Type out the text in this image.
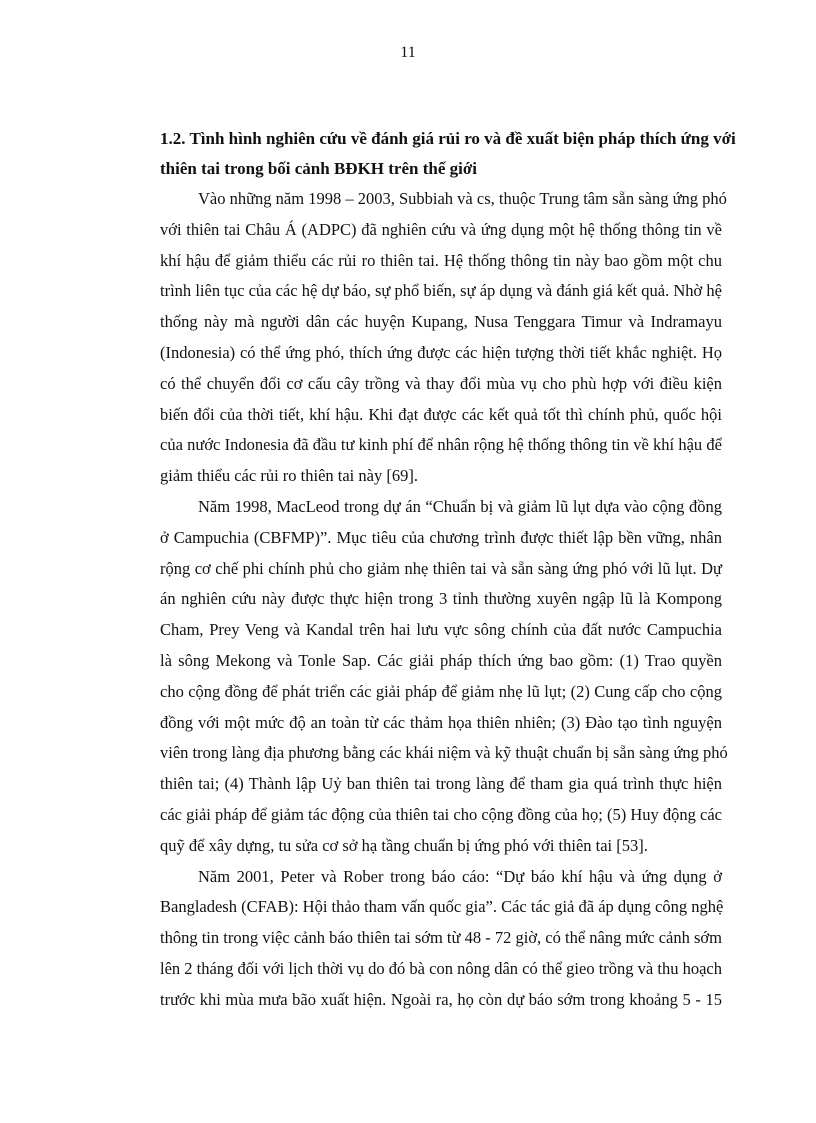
11
1.2. Tình hình nghiên cứu về đánh giá rủi ro và đề xuất biện pháp thích ứng với
thiên tai trong bối cảnh BĐKH trên thế giới

Vào những năm 1998 – 2003, Subbiah và cs, thuộc Trung tâm sẵn sàng ứng phó
với thiên tai Châu Á (ADPC) đã nghiên cứu và ứng dụng một hệ thống thông tin về
khí hậu để giảm thiểu các rủi ro thiên tai. Hệ thống thông tin này bao gồm một chu
trình liên tục của các hệ dự báo, sự phổ biến, sự áp dụng và đánh giá kết quả. Nhờ hệ
thống này mà người dân các huyện Kupang, Nusa Tenggara Timur và Indramayu
(Indonesia) có thể ứng phó, thích ứng được các hiện tượng thời tiết khắc nghiệt. Họ
có thể chuyển đổi cơ cấu cây trồng và thay đổi mùa vụ cho phù hợp với điều kiện
biến đổi của thời tiết, khí hậu. Khi đạt được các kết quả tốt thì chính phủ, quốc hội
của nước Indonesia đã đầu tư kinh phí để nhân rộng hệ thống thông tin về khí hậu để
giảm thiểu các rủi ro thiên tai này [69].

Năm 1998, MacLeod trong dự án “Chuẩn bị và giảm lũ lụt dựa vào cộng đồng
ở Campuchia (CBFMP)”. Mục tiêu của chương trình được thiết lập bền vững, nhân
rộng cơ chế phi chính phủ cho giảm nhẹ thiên tai và sẵn sàng ứng phó với lũ lụt. Dự
án nghiên cứu này được thực hiện trong 3 tỉnh thường xuyên ngập lũ là Kompong
Cham, Prey Veng và Kandal trên hai lưu vực sông chính của đất nước Campuchia
là sông Mekong và Tonle Sap. Các giải pháp thích ứng bao gồm: (1) Trao quyền
cho cộng đồng để phát triển các giải pháp để giảm nhẹ lũ lụt; (2) Cung cấp cho cộng
đồng với một mức độ an toàn từ các thảm họa thiên nhiên; (3) Đào tạo tình nguyện
viên trong làng địa phương bằng các khái niệm và kỹ thuật chuẩn bị sẵn sàng ứng phó
thiên tai; (4) Thành lập Uỷ ban thiên tai trong làng để tham gia quá trình thực hiện
các giải pháp để giảm tác động của thiên tai cho cộng đồng của họ; (5) Huy động các
quỹ để xây dựng, tu sửa cơ sở hạ tầng chuẩn bị ứng phó với thiên tai [53].

Năm 2001, Peter và Rober trong báo cáo: “Dự báo khí hậu và ứng dụng ở
Bangladesh (CFAB): Hội thảo tham vấn quốc gia”. Các tác giả đã áp dụng công nghệ
thông tin trong việc cảnh báo thiên tai sớm từ 48 - 72 giờ, có thể nâng mức cảnh sớm
lên 2 tháng đối với lịch thời vụ do đó bà con nông dân có thể gieo trồng và thu hoạch
trước khi mùa mưa bão xuất hiện. Ngoài ra, họ còn dự báo sớm trong khoảng 5 - 15
